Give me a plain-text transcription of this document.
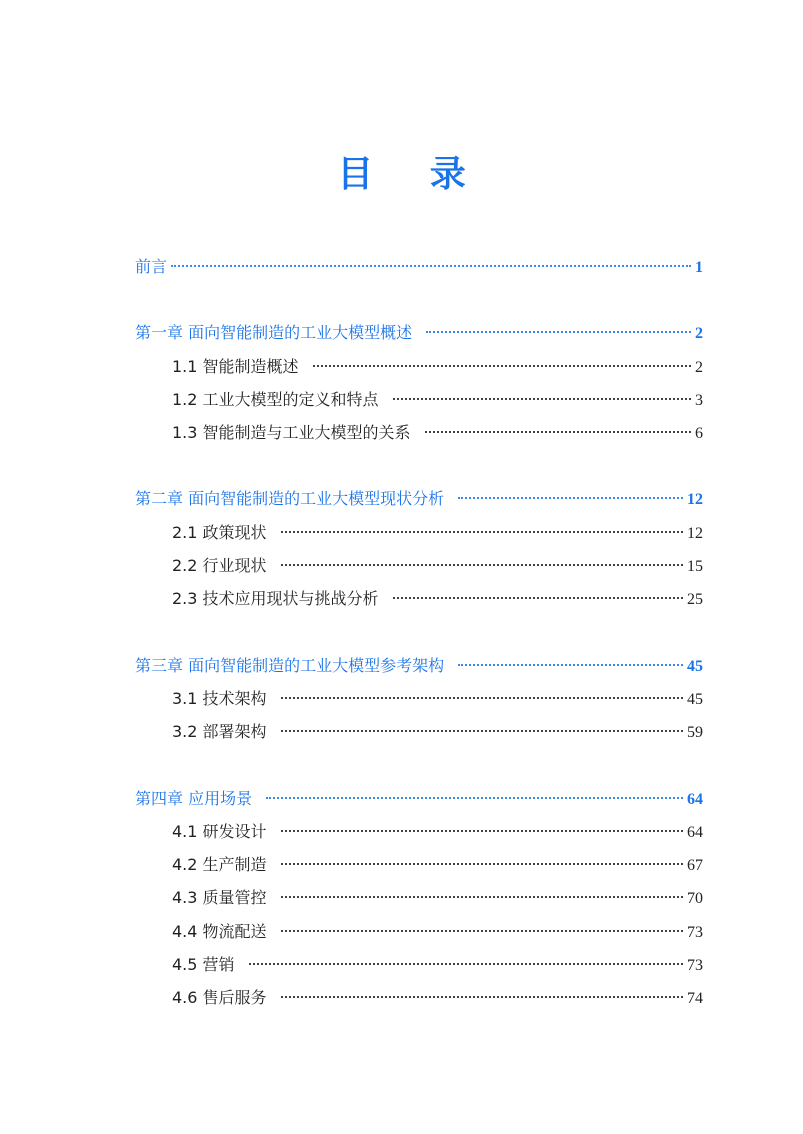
目 录
前言	1
第一章 面向智能制造的工业大模型概述	2
1.1 智能制造概述	2
1.2 工业大模型的定义和特点	3
1.3 智能制造与工业大模型的关系	6
第二章 面向智能制造的工业大模型现状分析	12
2.1 政策现状	12
2.2 行业现状	15
2.3 技术应用现状与挑战分析	25
第三章 面向智能制造的工业大模型参考架构	45
3.1 技术架构	45
3.2 部署架构	59
第四章 应用场景	64
4.1 研发设计	64
4.2 生产制造	67
4.3 质量管控	70
4.4 物流配送	73
4.5 营销	73
4.6 售后服务	74
